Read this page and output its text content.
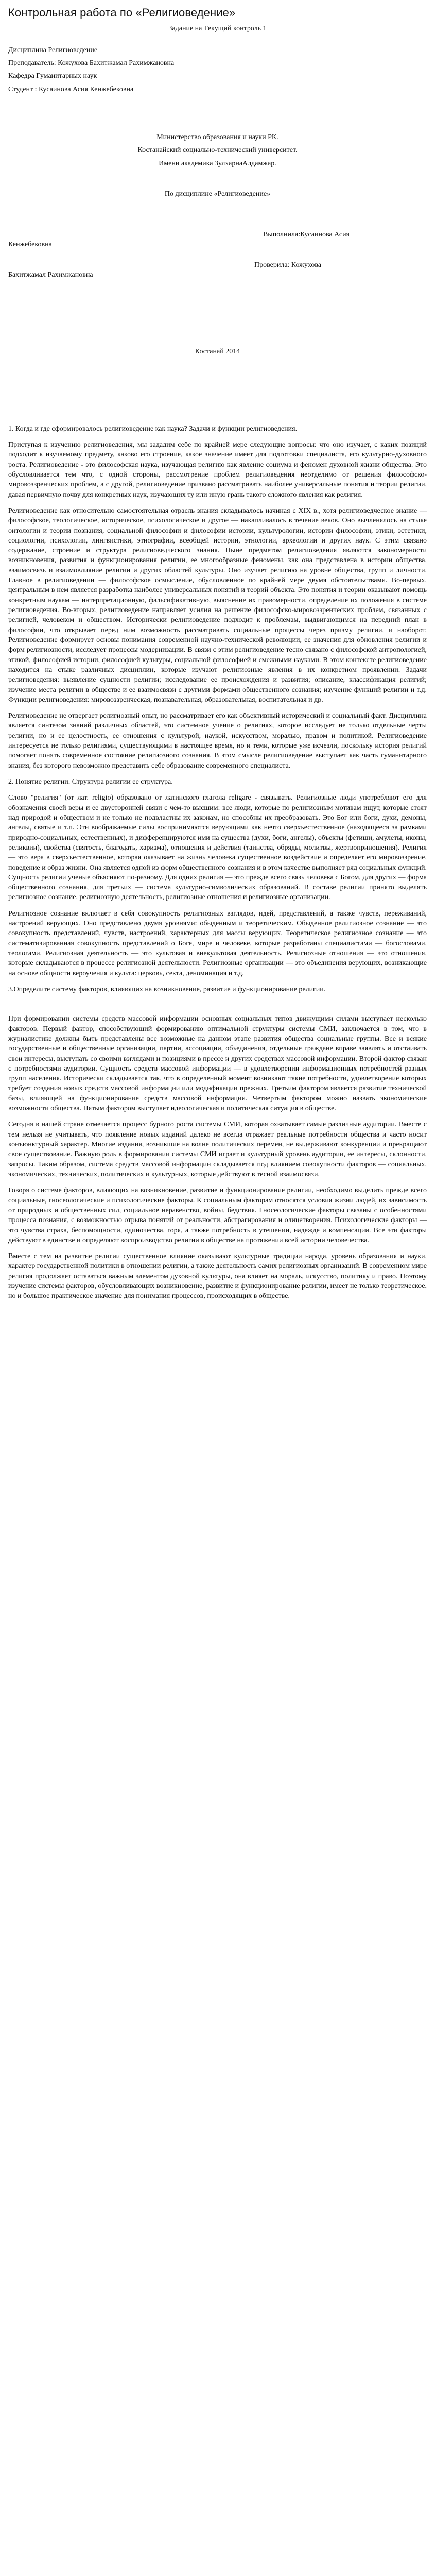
Контрольная работа по «Религиоведение»

Задание на Текущий контроль 1

Дисциплина Религиоведение

Преподаватель: Кожухова Бахитжамал Рахимжановна

Кафедра Гуманитарных наук

Студент : Кусаинова Асия Кенжебековна

Министерство образования и науки РК.

Костанайский социально-технический университет.

Имени академика ЗулхарнаАлдамжар.

По дисциплине «Религиоведение»

Выполнила:Кусаинова Асия

Кенжебековна

Проверила: Кожухова

Бахитжамал Рахимжановна

Костанай 2014

1. Когда и где сформировалось религиоведение как наука? Задачи и функции религиоведения.

Приступая к изучению религиоведения, мы зададим себе по крайней мере следующие вопросы: что оно изучает, с каких позиций подходит к изучаемому предмету, каково его строение, какое значение имеет для подготовки специалиста, его культурно-духовного роста. Религиоведение - это философская наука, изучающая религию как явление социума и феномен духовной жизни общества. Это обусловливается тем что, с одной стороны, рассмотрение проблем религиоведения неотделимо от решения философско-мировоззренческих проблем, а с другой, религиоведение призвано рассматривать наиболее универсальные понятия и теории религии, давая первичную почву для конкретных наук, изучающих ту или иную грань такого сложного явления как религия.

Религиоведение как относительно самостоятельная отрасль знания складывалось начиная с XIX в., хотя религиоведческое знание — философское, теологическое, историческое, психологическое и другое — накапливалось в течение веков. Оно вычленялось на стыке онтологии и теории познания, социальной философии и философии истории, культурологии, истории философии, этики, эстетики, социологии, психологии, лингвистики, этнографии, всеобщей истории, этнологии, археологии и других наук. С этим связано содержание, строение и структура религиоведческого знания. Ныне предметом религиоведения являются закономерности возникновения, развития и функционирования религии, ее многообразные феномены, как она представлена в истории общества, взаимосвязь и взаимовлияние религии и других областей культуры. Оно изучает религию на уровне общества, групп и личности. Главное в религиоведении — философское осмысление, обусловленное по крайней мере двумя обстоятельствами. Во-первых, центральным в нем является разработка наиболее универсальных понятий и теорий объекта. Это понятия и теории оказывают помощь конкретным наукам — интерпретационную, фальсификативную, выяснение их правомерности, определение их положения в системе религиоведения. Во-вторых, религиоведение направляет усилия на решение философско-мировоззренческих проблем, связанных с религией, человеком и обществом. Исторически религиоведение подходит к проблемам, выдвигающимся на передний план в философии, что открывает перед ним возможность рассматривать социальные процессы через призму религии, и наоборот. Религиоведение формирует основы понимания современной научно-технической революции, ее значения для обновления религии и форм религиозности, исследует процессы модернизации. В связи с этим религиоведение тесно связано с философской антропологией, этикой, философией истории, философией культуры, социальной философией и смежными науками. В этом контексте религиоведение находится на стыке различных дисциплин, которые изучают религиозные явления в их конкретном проявлении. Задачи религиоведения: выявление сущности религии; исследование ее происхождения и развития; описание, классификация религий; изучение места религии в обществе и ее взаимосвязи с другими формами общественного сознания; изучение функций религии и т.д. Функции религиоведения: мировоззренческая, познавательная, образовательная, воспитательная и др.

Религиоведение не отвергает религиозный опыт, но рассматривает его как объективный исторический и социальный факт. Дисциплина является синтезом знаний различных областей, это системное учение о религиях, которое исследует не только отдельные черты религии, но и ее целостность, ее отношения с культурой, наукой, искусством, моралью, правом и политикой. Религиоведение интересуется не только религиями, существующими в настоящее время, но и теми, которые уже исчезли, поскольку история религий помогает понять современное состояние религиозного сознания. В этом смысле религиоведение выступает как часть гуманитарного знания, без которого невозможно представить себе образование современного специалиста.

2. Понятие религии. Структура религии ее структура.

Слово "религия" (от лат. religio) образовано от латинского глагола religare - связывать. Религиозные люди употребляют его для обозначения своей веры и ее двусторонней связи с чем-то высшим: все люди, которые по религиозным мотивам ищут, которые стоят над природой и обществом и не только не подвластны их законам, но способны их преобразовать. Это Бог или боги, духи, демоны, ангелы, святые и т.п. Эти воображаемые силы воспринимаются верующими как нечто сверхъестественное (находящееся за рамками природно-социальных, естественных), и дифференцируются ими на существа (духи, боги, ангелы), объекты (фетиши, амулеты, иконы, реликвии), свойства (святость, благодать, харизма), отношения и действия (таинства, обряды, молитвы, жертвоприношения). Религия — это вера в сверхъестественное, которая оказывает на жизнь человека существенное воздействие и определяет его мировоззрение, поведение и образ жизни. Она является одной из форм общественного сознания и в этом качестве выполняет ряд социальных функций. Сущность религии ученые объясняют по-разному. Для одних религия — это прежде всего связь человека с Богом, для других — форма общественного сознания, для третьих — система культурно-символических образований. В составе религии принято выделять религиозное сознание, религиозную деятельность, религиозные отношения и религиозные организации.

Религиозное сознание включает в себя совокупность религиозных взглядов, идей, представлений, а также чувств, переживаний, настроений верующих. Оно представлено двумя уровнями: обыденным и теоретическим. Обыденное религиозное сознание — это совокупность представлений, чувств, настроений, характерных для массы верующих. Теоретическое религиозное сознание — это систематизированная совокупность представлений о Боге, мире и человеке, которые разработаны специалистами — богословами, теологами. Религиозная деятельность — это культовая и внекультовая деятельность. Религиозные отношения — это отношения, которые складываются в процессе религиозной деятельности. Религиозные организации — это объединения верующих, возникающие на основе общности вероучения и культа: церковь, секта, деноминация и т.д.

3.Определите систему факторов, влияющих на возникновение, развитие и функционирование религии.

При формировании системы средств массовой информации основных социальных типов движущими силами выступает несколько факторов. Первый фактор, способствующий формированию оптимальной структуры системы СМИ, заключается в том, что в журналистике должны быть представлены все возможные на данном этапе развития общества социальные группы. Все и всякие государственные и общественные организации, партии, ассоциации, объединения, отдельные граждане вправе заявлять и отстаивать свои интересы, выступать со своими взглядами и позициями в прессе и других средствах массовой информации. Второй фактор связан с потребностями аудитории. Сущность средств массовой информации — в удовлетворении информационных потребностей разных групп населения. Исторически складывается так, что в определенный момент возникают такие потребности, удовлетворение которых требует создания новых средств массовой информации или модификации прежних. Третьим фактором является развитие технической базы, влияющей на функционирование средств массовой информации. Четвертым фактором можно назвать экономические возможности общества. Пятым фактором выступает идеологическая и политическая ситуация в обществе.

Сегодня в нашей стране отмечается процесс бурного роста системы СМИ, которая охватывает самые различные аудитории. Вместе с тем нельзя не учитывать, что появление новых изданий далеко не всегда отражает реальные потребности общества и часто носит конъюнктурный характер. Многие издания, возникшие на волне политических перемен, не выдерживают конкуренции и прекращают свое существование. Важную роль в формировании системы СМИ играет и культурный уровень аудитории, ее интересы, склонности, запросы. Таким образом, система средств массовой информации складывается под влиянием совокупности факторов — социальных, экономических, технических, политических и культурных, которые действуют в тесной взаимосвязи.

Говоря о системе факторов, влияющих на возникновение, развитие и функционирование религии, необходимо выделить прежде всего социальные, гносеологические и психологические факторы. К социальным факторам относятся условия жизни людей, их зависимость от природных и общественных сил, социальное неравенство, войны, бедствия. Гносеологические факторы связаны с особенностями процесса познания, с возможностью отрыва понятий от реальности, абстрагирования и олицетворения. Психологические факторы — это чувства страха, беспомощности, одиночества, горя, а также потребность в утешении, надежде и компенсации. Все эти факторы действуют в единстве и определяют воспроизводство религии в обществе на протяжении всей истории человечества.

Вместе с тем на развитие религии существенное влияние оказывают культурные традиции народа, уровень образования и науки, характер государственной политики в отношении религии, а также деятельность самих религиозных организаций. В современном мире религия продолжает оставаться важным элементом духовной культуры, она влияет на мораль, искусство, политику и право. Поэтому изучение системы факторов, обусловливающих возникновение, развитие и функционирование религии, имеет не только теоретическое, но и большое практическое значение для понимания процессов, происходящих в обществе.
